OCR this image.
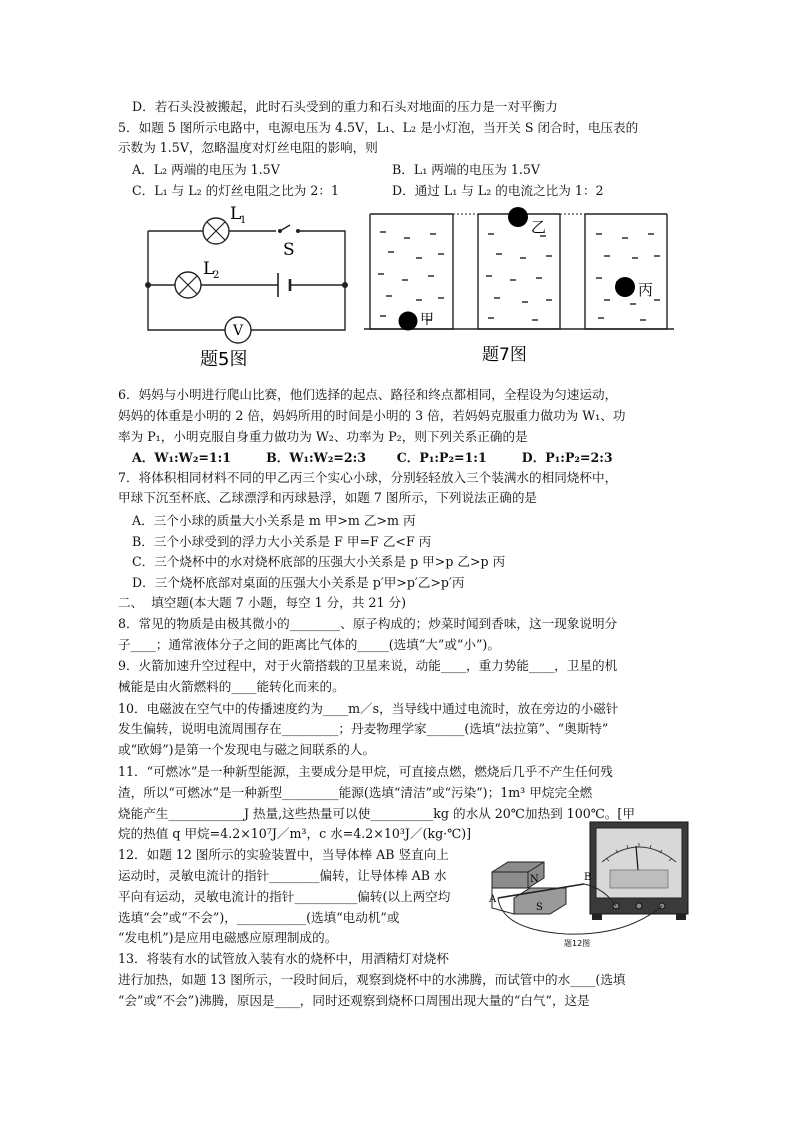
D．若石头没被搬起，此时石头受到的重力和石头对地面的压力是一对平衡力
5．如题 5 图所示电路中，电源电压为 4.5V，L₁、L₂ 是小灯泡，当开关 S 闭合时，电压表的
示数为 1.5V，忽略温度对灯丝电阻的影响，则
A．L₂ 两端的电压为 1.5V	B．L₁ 两端的电压为 1.5V
C．L₁ 与 L₂ 的灯丝电阻之比为 2：1	D．通过 L₁ 与 L₂ 的电流之比为 1：2
V
L
1
L
2
S
题5图
甲
乙
丙
题7图
6．妈妈与小明进行爬山比赛，他们选择的起点、路径和终点都相同，全程设为匀速运动，
妈妈的体重是小明的 2 倍，妈妈所用的时间是小明的 3 倍，若妈妈克服重力做功为 W₁、功
率为 P₁，小明克服自身重力做功为 W₂、功率为 P₂，则下列关系正确的是
A．W₁:W₂=1:1        B．W₁:W₂=2:3       C．P₁:P₂=1:1        D．P₁:P₂=2:3
7．将体积相同材料不同的甲乙丙三个实心小球，分别轻轻放入三个装满水的相同烧杯中，
甲球下沉至杯底、乙球漂浮和丙球悬浮，如题 7 图所示，下列说法正确的是
A．三个小球的质量大小关系是 m 甲>m 乙>m 丙
B．三个小球受到的浮力大小关系是 F 甲=F 乙<F 丙
C．三个烧杯中的水对烧杯底部的压强大小关系是 p 甲>p 乙>p 丙
D．三个烧杯底部对桌面的压强大小关系是 p′甲>p′乙>p′丙
二、  填空题(本大题 7 小题，每空 1 分，共 21 分)
8．常见的物质是由极其微小的________、原子构成的；炒菜时闻到香味，这一现象说明分
子____；通常液体分子之间的距离比气体的_____(选填“大”或“小”)。
9．火箭加速升空过程中，对于火箭搭载的卫星来说，动能____，重力势能____，卫星的机
械能是由火箭燃料的____能转化而来的。
10．电磁波在空气中的传播速度约为____m／s，当导线中通过电流时，放在旁边的小磁针
发生偏转，说明电流周围存在_________；丹麦物理学家______(选填“法拉第”、“奥斯特”
或“欧姆”)是第一个发现电与磁之间联系的人。
11．“可燃冰”是一种新型能源，主要成分是甲烷，可直接点燃，燃烧后几乎不产生任何残
渣，所以“可燃冰”是一种新型_________能源(选填“清洁”或“污染”)；1m³ 甲烷完全燃
烧能产生____________J 热量,这些热量可以使__________kg 的水从 20℃加热到 100℃。[甲
烷的热值 q 甲烷=4.2×10⁷J／m³，c 水=4.2×10³J／(kg·℃)]
12．如题 12 图所示的实验装置中，当导体棒 AB 竖直向上
运动时，灵敏电流计的指针________偏转，让导体棒 AB 水
平向有运动，灵敏电流计的指针__________偏转(以上两空均
选填“会”或“不会”)，___________(选填“电动机”或
“发电机”)是应用电磁感应原理制成的。
13．将装有水的试管放入装有水的烧杯中，用酒精灯对烧杯
进行加热，如题 13 图所示，一段时间后，观察到烧杯中的水沸腾，而试管中的水____(选填
“会”或“不会”)沸腾，原因是____，同时还观察到烧杯口周围出现大量的“白气”，这是
N
S
A
B
题12图
